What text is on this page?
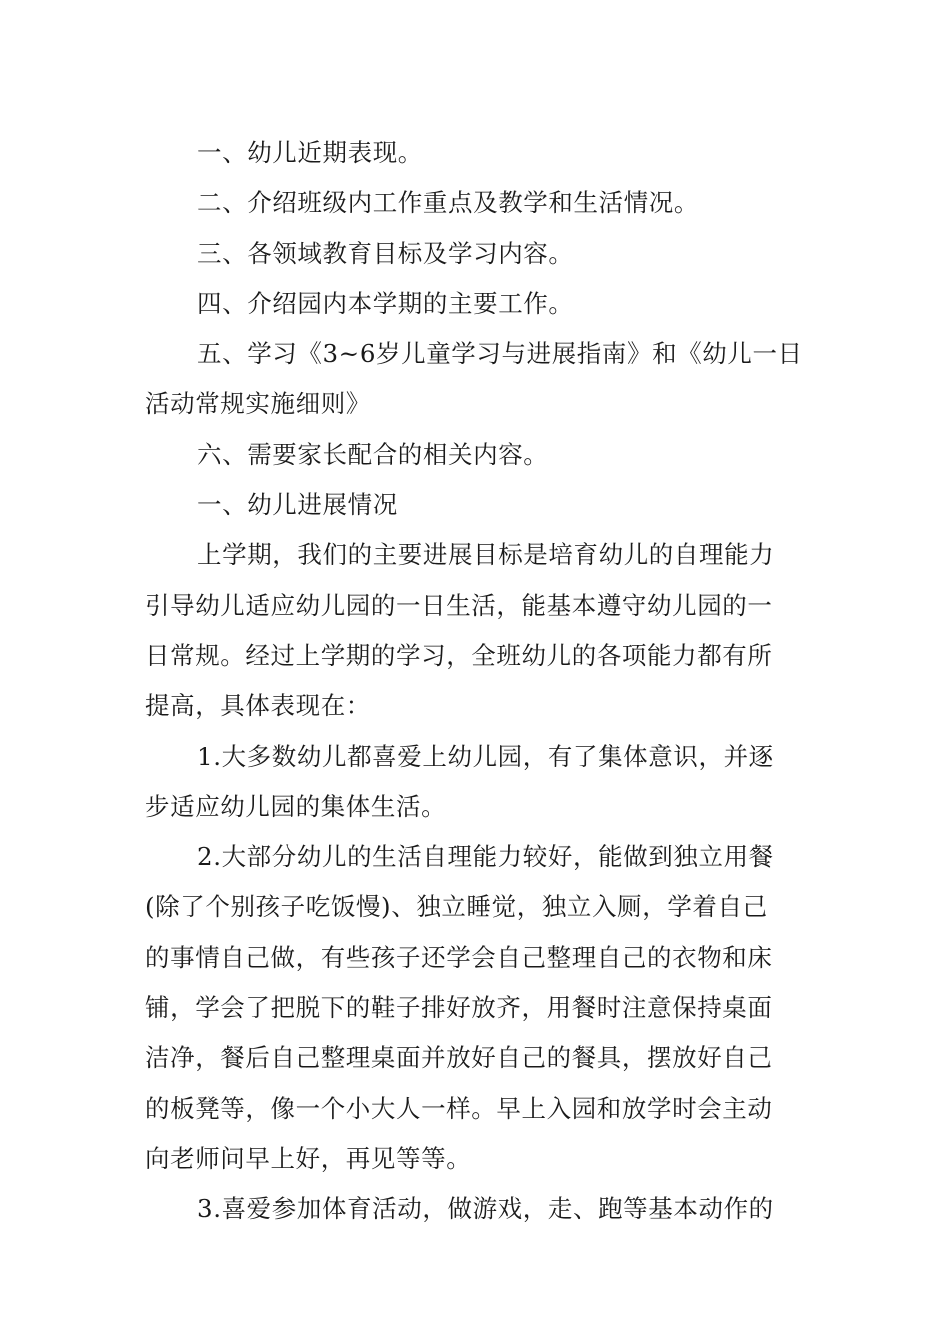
一、幼儿近期表现。
二、介绍班级内工作重点及教学和生活情况。
三、各领域教育目标及学习内容。
四、介绍园内本学期的主要工作。
五、学习《3~6岁儿童学习与进展指南》和《幼儿一日
活动常规实施细则》
六、需要家长配合的相关内容。
一、幼儿进展情况
上学期，我们的主要进展目标是培育幼儿的自理能力
引导幼儿适应幼儿园的一日生活，能基本遵守幼儿园的一
日常规。经过上学期的学习，全班幼儿的各项能力都有所
提高，具体表现在：
1.大多数幼儿都喜爱上幼儿园，有了集体意识，并逐
步适应幼儿园的集体生活。
2.大部分幼儿的生活自理能力较好，能做到独立用餐
(除了个别孩子吃饭慢)、独立睡觉，独立入厕，学着自己
的事情自己做，有些孩子还学会自己整理自己的衣物和床
铺，学会了把脱下的鞋子排好放齐，用餐时注意保持桌面
洁净，餐后自己整理桌面并放好自己的餐具，摆放好自己
的板凳等，像一个小大人一样。早上入园和放学时会主动
向老师问早上好，再见等等。
3.喜爱参加体育活动，做游戏，走、跑等基本动作的
